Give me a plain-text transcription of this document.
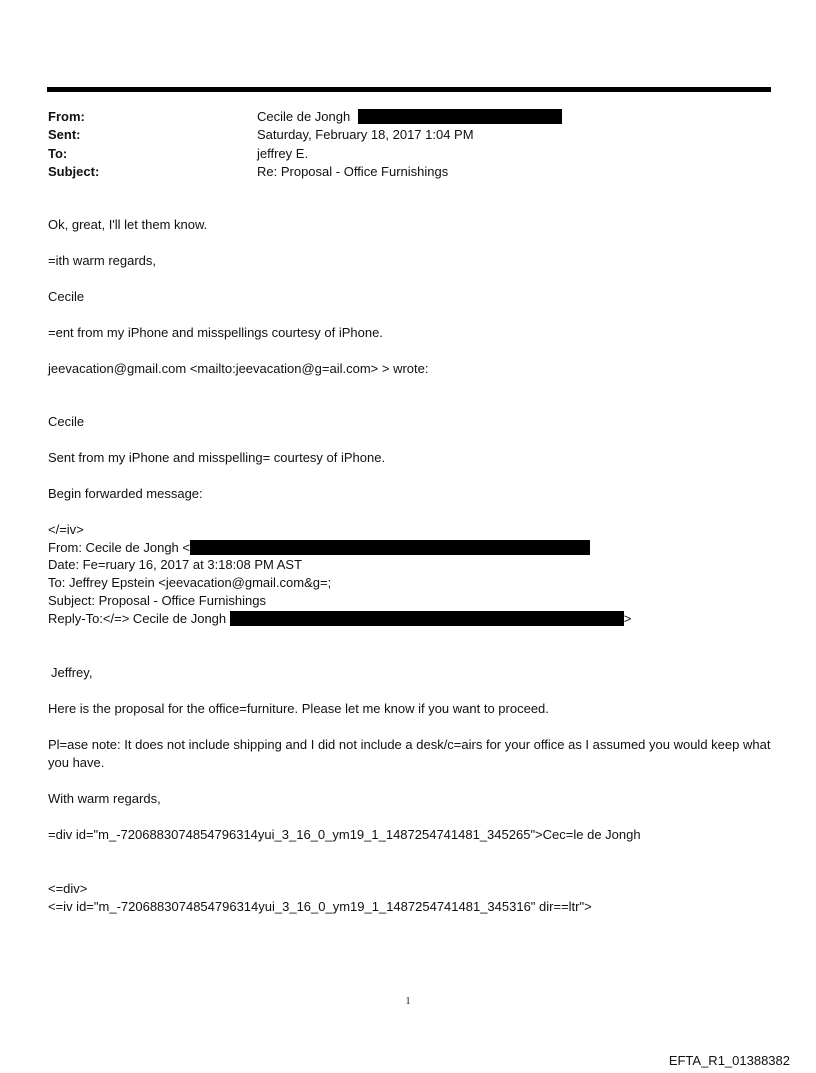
From:	Cecile de Jongh
Sent:	Saturday, February 18, 2017 1:04 PM
To:	jeffrey E.
Subject:	Re: Proposal - Office Furnishings
Ok, great, I'll let them know.
=ith warm regards,
Cecile
=ent from my iPhone and misspellings courtesy of iPhone.
jeevacation@gmail.com <mailto:jeevacation@g=ail.com> > wrote:
Cecile
Sent from my iPhone and misspelling= courtesy of iPhone.
Begin forwarded message:
</=iv>
From: Cecile de Jongh <
Date: Fe=ruary 16, 2017 at 3:18:08 PM AST
To: Jeffrey Epstein <jeevacation@gmail.com&g=;
Subject: Proposal - Office Furnishings
Reply-To:</=> Cecile de Jongh	>
Jeffrey,
Here is the proposal for the office=furniture. Please let me know if you want to proceed.
Pl=ase note: It does not include shipping and I did not include a desk/c=airs for your office as I assumed you would keep what you have.
With warm regards,
=div id="m_-7206883074854796314yui_3_16_0_ym19_1_1487254741481_345265">Cec=le de Jongh
<=div>
<=iv id="m_-7206883074854796314yui_3_16_0_ym19_1_1487254741481_345316" dir==ltr">
1
EFTA_R1_01388382
